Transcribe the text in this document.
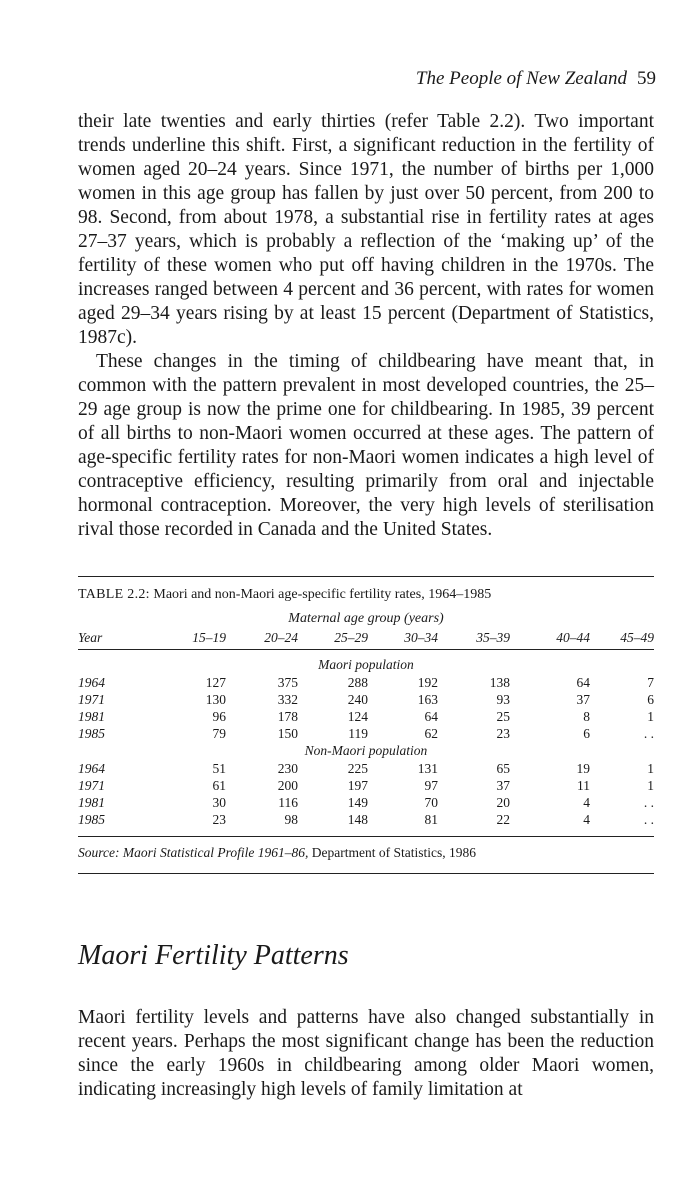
The People of New Zealand 59

their late twenties and early thirties (refer Table 2.2). Two important trends underline this shift. First, a significant reduction in the fertility of women aged 20–24 years. Since 1971, the number of births per 1,000 women in this age group has fallen by just over 50 percent, from 200 to 98. Second, from about 1978, a substantial rise in fertility rates at ages 27–37 years, which is probably a reflection of the ‘making up’ of the fertility of these women who put off having children in the 1970s. The increases ranged between 4 percent and 36 percent, with rates for women aged 29–34 years rising by at least 15 percent (Department of Statistics, 1987c).

These changes in the timing of childbearing have meant that, in common with the pattern prevalent in most developed countries, the 25–29 age group is now the prime one for childbearing. In 1985, 39 percent of all births to non-Maori women occurred at these ages. The pattern of age-specific fertility rates for non-Maori women indicates a high level of contraceptive efficiency, resulting primarily from oral and injectable hormonal contraception. Moreover, the very high levels of sterilisation rival those recorded in Canada and the United States.

TABLE 2.2: Maori and non-Maori age-specific fertility rates, 1964–1985
Maternal age group (years)
Year	15–19	20–24	25–29	30–34	35–39	40–44	45–49

Maori population							
1964	127	375	288	192	138	64	7
1971	130	332	240	163	93	37	6
1981	96	178	124	64	25	8	1
1985	79	150	119	62	23	6	. .
Non-Maori population							
1964	51	230	225	131	65	19	1
1971	61	200	197	97	37	11	1
1981	30	116	149	70	20	4	. .
1985	23	98	148	81	22	4	. .
Source: Maori Statistical Profile 1961–86, Department of Statistics, 1986
Maori Fertility Patterns

Maori fertility levels and patterns have also changed substantially in recent years. Perhaps the most significant change has been the reduction since the early 1960s in childbearing among older Maori women, indicating increasingly high levels of family limitation at
